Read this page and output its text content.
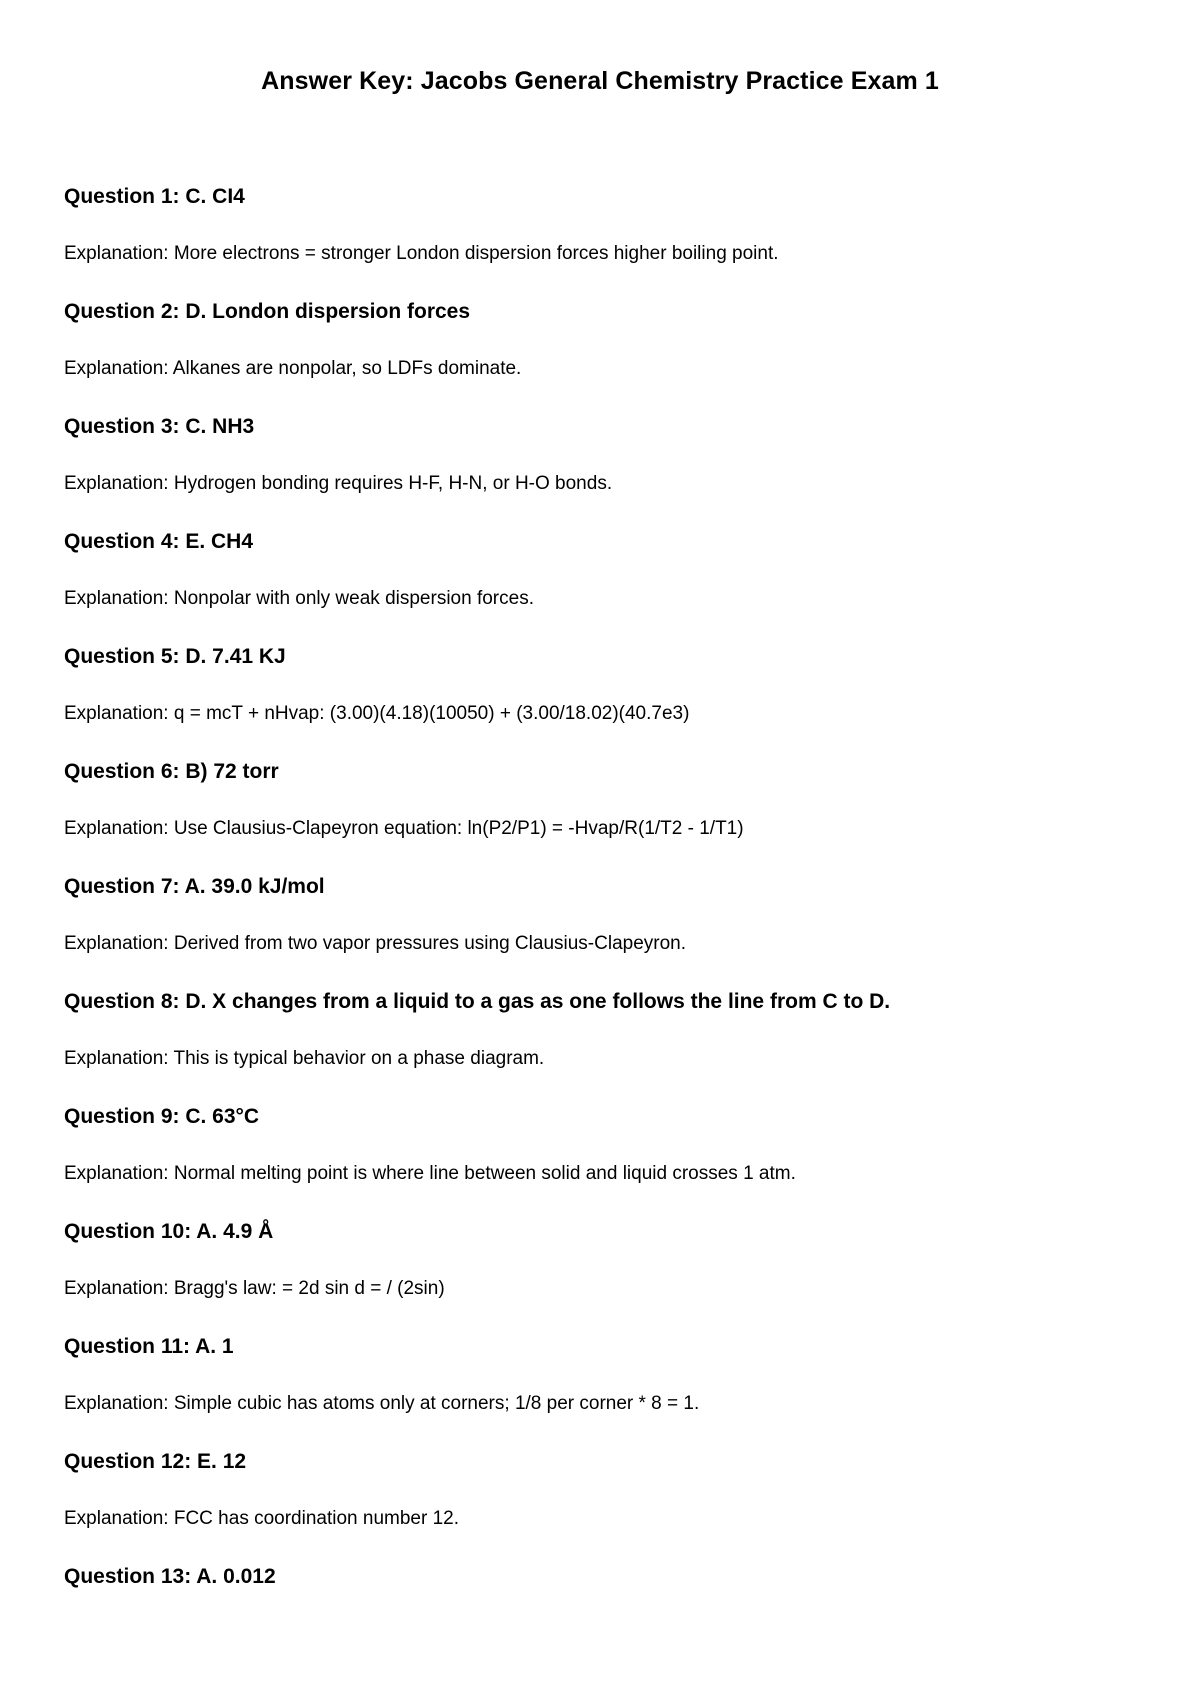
Answer Key: Jacobs General Chemistry Practice Exam 1

Question 1: C. CI4

Explanation: More electrons = stronger London dispersion forces higher boiling point.

Question 2: D. London dispersion forces

Explanation: Alkanes are nonpolar, so LDFs dominate.

Question 3: C. NH3

Explanation: Hydrogen bonding requires H-F, H-N, or H-O bonds.

Question 4: E. CH4

Explanation: Nonpolar with only weak dispersion forces.

Question 5: D. 7.41 KJ

Explanation: q = mcT + nHvap: (3.00)(4.18)(10050) + (3.00/18.02)(40.7e3)

Question 6: B) 72 torr

Explanation: Use Clausius-Clapeyron equation: ln(P2/P1) = -Hvap/R(1/T2 - 1/T1)

Question 7: A. 39.0 kJ/mol

Explanation: Derived from two vapor pressures using Clausius-Clapeyron.

Question 8: D. X changes from a liquid to a gas as one follows the line from C to D.

Explanation: This is typical behavior on a phase diagram.

Question 9: C. 63°C

Explanation: Normal melting point is where line between solid and liquid crosses 1 atm.

Question 10: A. 4.9 Å

Explanation: Bragg's law: = 2d sin d = / (2sin)

Question 11: A. 1

Explanation: Simple cubic has atoms only at corners; 1/8 per corner * 8 = 1.

Question 12: E. 12

Explanation: FCC has coordination number 12.

Question 13: A. 0.012
